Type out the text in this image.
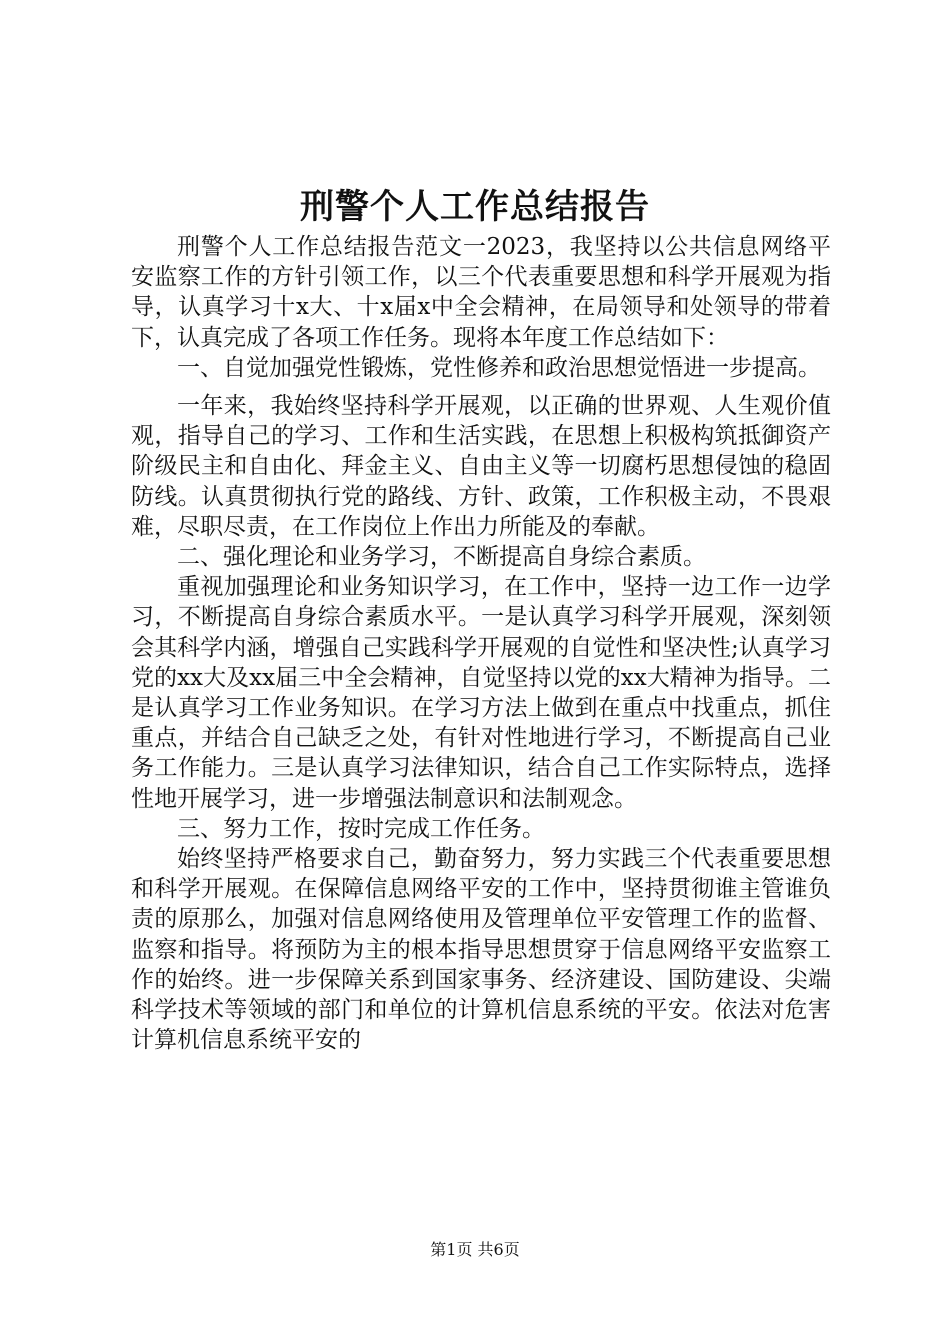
刑警个人工作总结报告

刑警个人工作总结报告范文一2023，我坚持以公共信息网络平安监察工作的方针引领工作，以三个代表重要思想和科学开展观为指导，认真学习十x大、十x届x中全会精神，在局领导和处领导的带着下，认真完成了各项工作任务。现将本年度工作总结如下：

一、自觉加强党性锻炼，党性修养和政治思想觉悟进一步提高。

一年来，我始终坚持科学开展观，以正确的世界观、人生观价值观，指导自己的学习、工作和生活实践，在思想上积极构筑抵御资产阶级民主和自由化、拜金主义、自由主义等一切腐朽思想侵蚀的稳固防线。认真贯彻执行党的路线、方针、政策，工作积极主动，不畏艰难，尽职尽责，在工作岗位上作出力所能及的奉献。

二、强化理论和业务学习，不断提高自身综合素质。

重视加强理论和业务知识学习，在工作中，坚持一边工作一边学习，不断提高自身综合素质水平。一是认真学习科学开展观，深刻领会其科学内涵，增强自己实践科学开展观的自觉性和坚决性;认真学习党的xx大及xx届三中全会精神，自觉坚持以党的xx大精神为指导。二是认真学习工作业务知识。在学习方法上做到在重点中找重点，抓住重点，并结合自己缺乏之处，有针对性地进行学习，不断提高自己业务工作能力。三是认真学习法律知识，结合自己工作实际特点，选择性地开展学习，进一步增强法制意识和法制观念。

三、努力工作，按时完成工作任务。

始终坚持严格要求自己，勤奋努力，努力实践三个代表重要思想和科学开展观。在保障信息网络平安的工作中，坚持贯彻谁主管谁负责的原那么，加强对信息网络使用及管理单位平安管理工作的监督、监察和指导。将预防为主的根本指导思想贯穿于信息网络平安监察工作的始终。进一步保障关系到国家事务、经济建设、国防建设、尖端科学技术等领域的部门和单位的计算机信息系统的平安。依法对危害计算机信息系统平安的

第1页 共6页
